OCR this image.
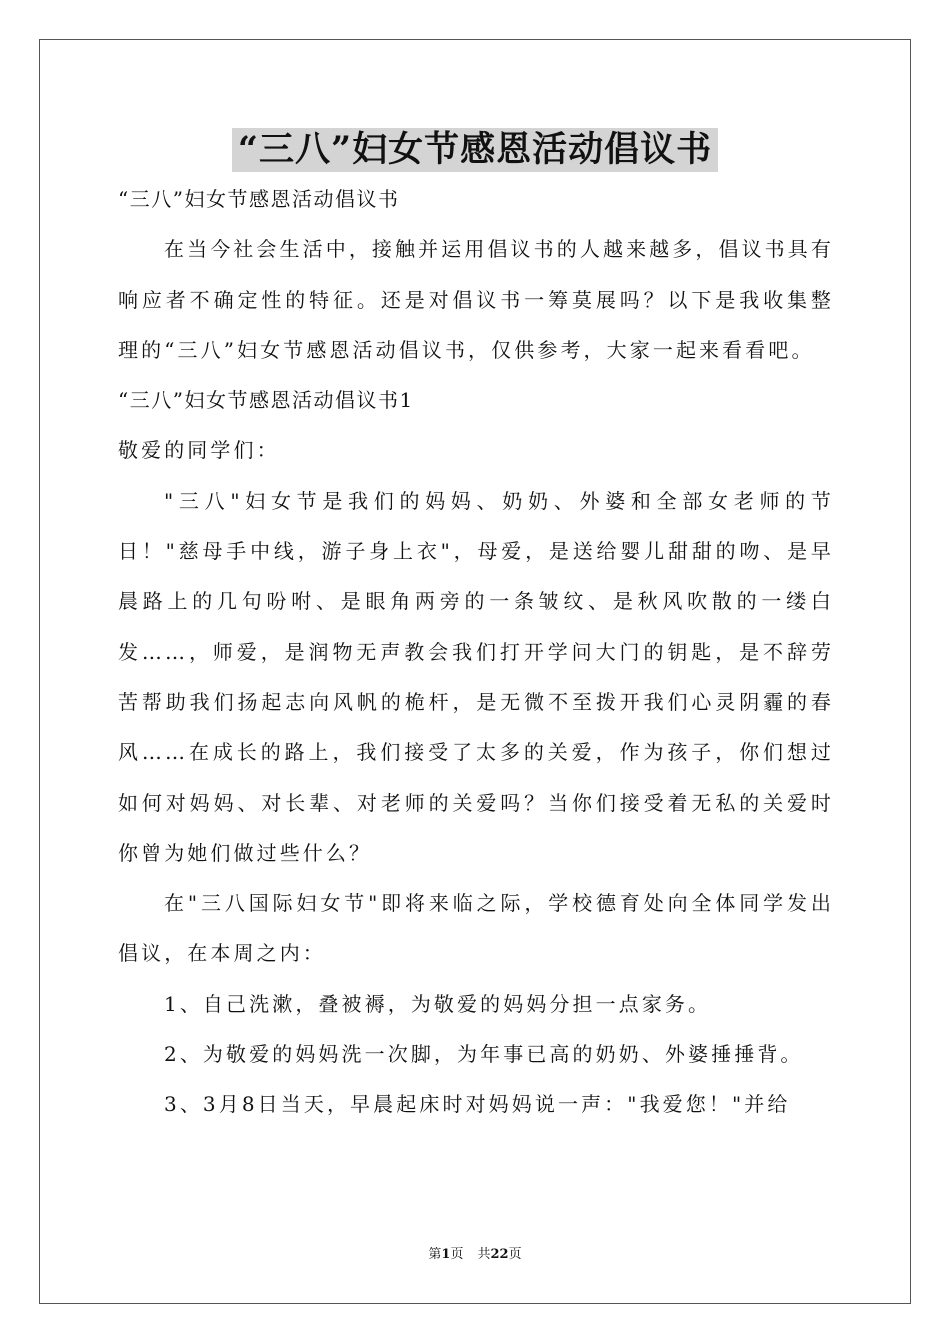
“三八”妇女节感恩活动倡议书

“三八”妇女节感恩活动倡议书

在当今社会生活中，接触并运用倡议书的人越来越多，倡议书具有响应者不确定性的特征。还是对倡议书一筹莫展吗？以下是我收集整理的“三八”妇女节感恩活动倡议书，仅供参考，大家一起来看看吧。

“三八”妇女节感恩活动倡议书1

敬爱的同学们：

"三八"妇女节是我们的妈妈、奶奶、外婆和全部女老师的节日！"慈母手中线，游子身上衣"，母爱，是送给婴儿甜甜的吻、是早晨路上的几句吩咐、是眼角两旁的一条皱纹、是秋风吹散的一缕白发……，师爱，是润物无声教会我们打开学问大门的钥匙，是不辞劳苦帮助我们扬起志向风帆的桅杆，是无微不至拨开我们心灵阴霾的春风……在成长的路上，我们接受了太多的关爱，作为孩子，你们想过如何对妈妈、对长辈、对老师的关爱吗？当你们接受着无私的关爱时你曾为她们做过些什么？

在"三八国际妇女节"即将来临之际，学校德育处向全体同学发出倡议，在本周之内：

1、自己洗漱，叠被褥，为敬爱的妈妈分担一点家务。

2、为敬爱的妈妈洗一次脚，为年事已高的奶奶、外婆捶捶背。

3、3月8日当天，早晨起床时对妈妈说一声："我爱您！"并给

第1页 共22页
